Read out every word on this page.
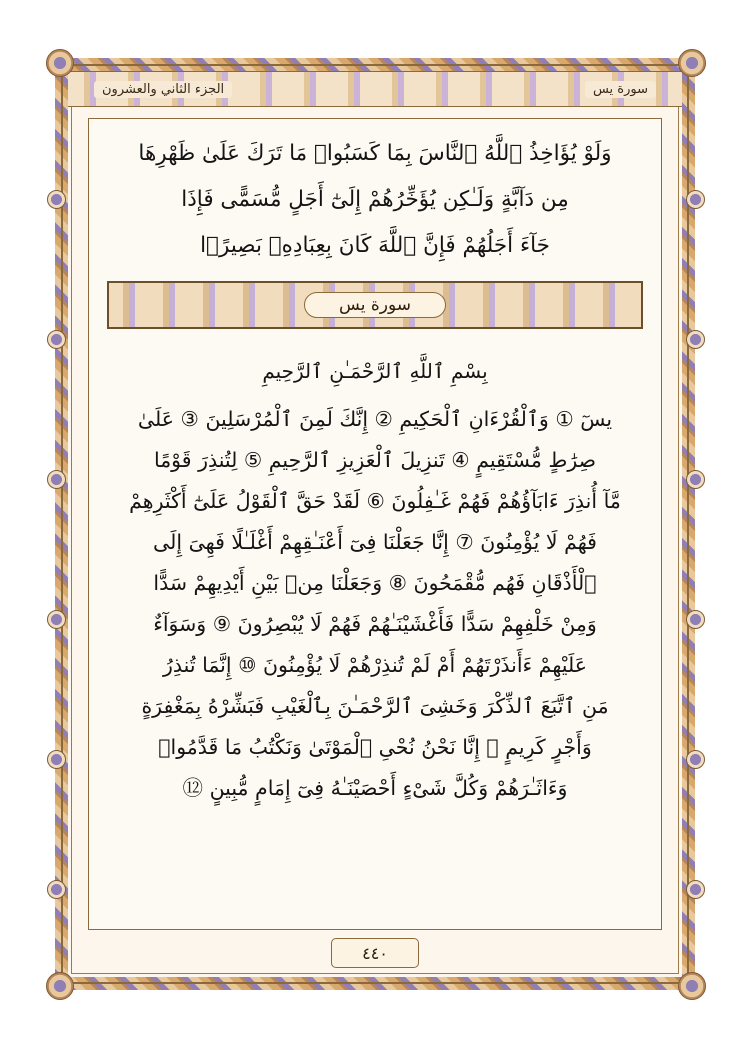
سورة يس
الجزء الثاني والعشرون
وَلَوْ يُؤَاخِذُ ٱللَّهُ ٱلنَّاسَ بِمَا كَسَبُوا۟ مَا تَرَكَ عَلَىٰ ظَهْرِهَا
مِن دَآبَّةٍ وَلَـٰكِن يُؤَخِّرُهُمْ إِلَىٰٓ أَجَلٍ مُّسَمًّى فَإِذَا
جَآءَ أَجَلُهُمْ فَإِنَّ ٱللَّهَ كَانَ بِعِبَادِهِۦ بَصِيرًۢا
سورة يس
بِسْمِ ٱللَّهِ ٱلرَّحْمَـٰنِ ٱلرَّحِيمِ
يسٓ ① وَٱلْقُرْءَانِ ٱلْحَكِيمِ ② إِنَّكَ لَمِنَ ٱلْمُرْسَلِينَ ③ عَلَىٰ
صِرَٰطٍ مُّسْتَقِيمٍ ④ تَنزِيلَ ٱلْعَزِيزِ ٱلرَّحِيمِ ⑤ لِتُنذِرَ قَوْمًا
مَّآ أُنذِرَ ءَابَآؤُهُمْ فَهُمْ غَـٰفِلُونَ ⑥ لَقَدْ حَقَّ ٱلْقَوْلُ عَلَىٰٓ أَكْثَرِهِمْ
فَهُمْ لَا يُؤْمِنُونَ ⑦ إِنَّا جَعَلْنَا فِىٓ أَعْنَـٰقِهِمْ أَغْلَـٰلًا فَهِىَ إِلَى
ٱلْأَذْقَانِ فَهُم مُّقْمَحُونَ ⑧ وَجَعَلْنَا مِنۢ بَيْنِ أَيْدِيهِمْ سَدًّا
وَمِنْ خَلْفِهِمْ سَدًّا فَأَغْشَيْنَـٰهُمْ فَهُمْ لَا يُبْصِرُونَ ⑨ وَسَوَآءٌ
عَلَيْهِمْ ءَأَنذَرْتَهُمْ أَمْ لَمْ تُنذِرْهُمْ لَا يُؤْمِنُونَ ⑩ إِنَّمَا تُنذِرُ
مَنِ ٱتَّبَعَ ٱلذِّكْرَ وَخَشِىَ ٱلرَّحْمَـٰنَ بِٱلْغَيْبِ فَبَشِّرْهُ بِمَغْفِرَةٍ
وَأَجْرٍ كَرِيمٍ ⑪ إِنَّا نَحْنُ نُحْىِ ٱلْمَوْتَىٰ وَنَكْتُبُ مَا قَدَّمُوا۟
وَءَاثَـٰرَهُمْ وَكُلَّ شَىْءٍ أَحْصَيْنَـٰهُ فِىٓ إِمَامٍ مُّبِينٍ ⑫
٤٤٠
